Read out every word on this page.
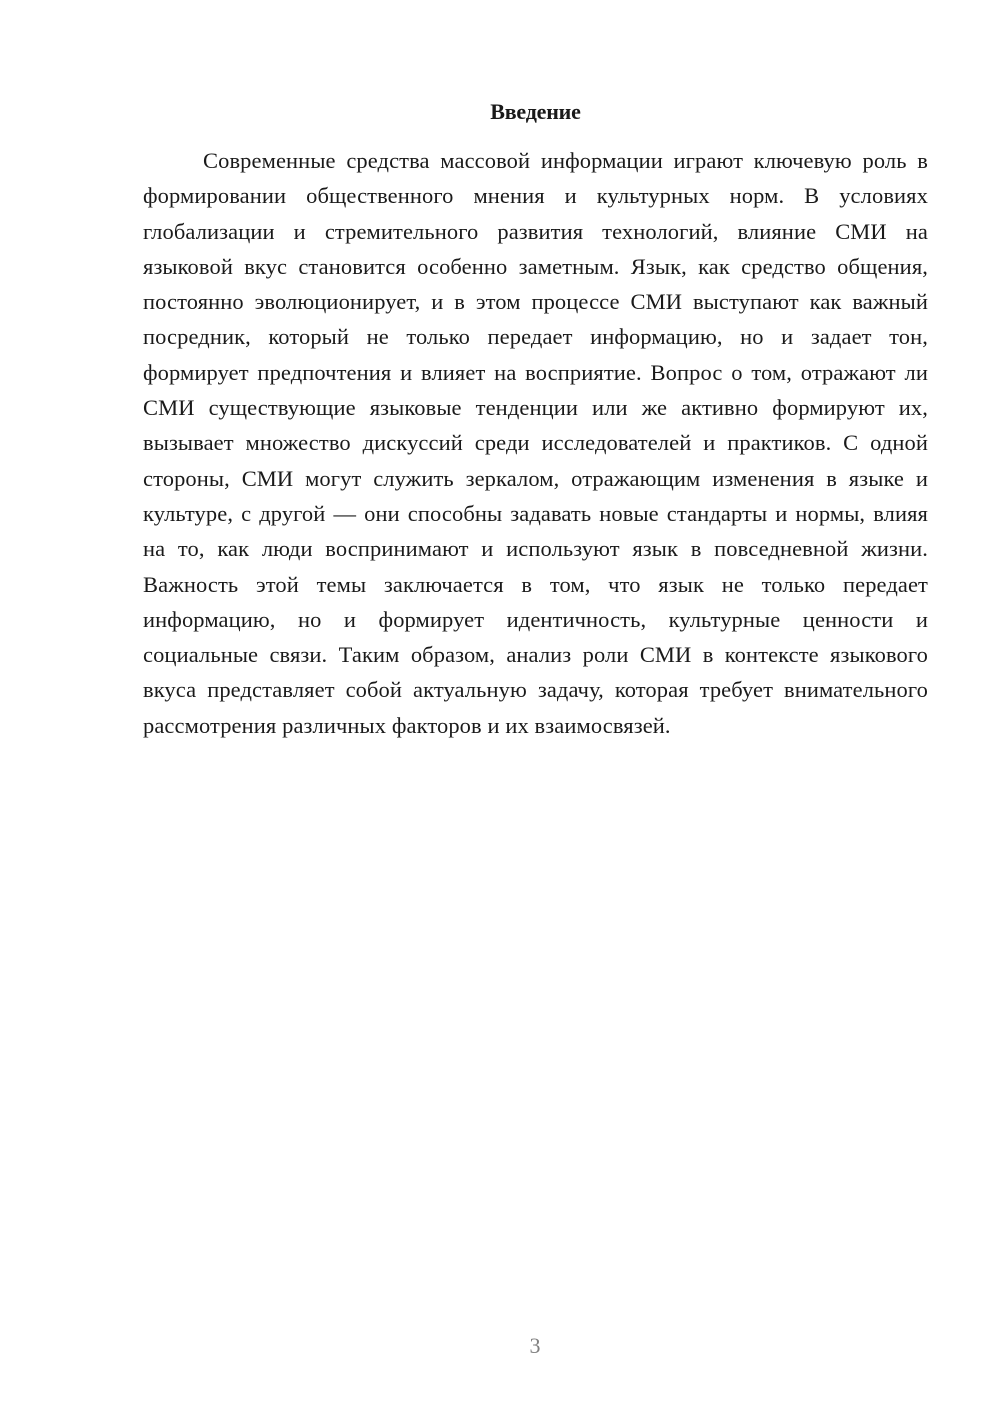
Введение

Современные средства массовой информации играют ключевую роль в формировании общественного мнения и культурных норм. В условиях глобализации и стремительного развития технологий, влияние СМИ на языковой вкус становится особенно заметным. Язык, как средство общения, постоянно эволюционирует, и в этом процессе СМИ выступают как важный посредник, который не только передает информацию, но и задает тон, формирует предпочтения и влияет на восприятие. Вопрос о том, отражают ли СМИ существующие языковые тенденции или же активно формируют их, вызывает множество дискуссий среди исследователей и практиков. С одной стороны, СМИ могут служить зеркалом, отражающим изменения в языке и культуре, с другой — они способны задавать новые стандарты и нормы, влияя на то, как люди воспринимают и используют язык в повседневной жизни. Важность этой темы заключается в том, что язык не только передает информацию, но и формирует идентичность, культурные ценности и социальные связи. Таким образом, анализ роли СМИ в контексте языкового вкуса представляет собой актуальную задачу, которая требует внимательного рассмотрения различных факторов и их взаимосвязей.

3
